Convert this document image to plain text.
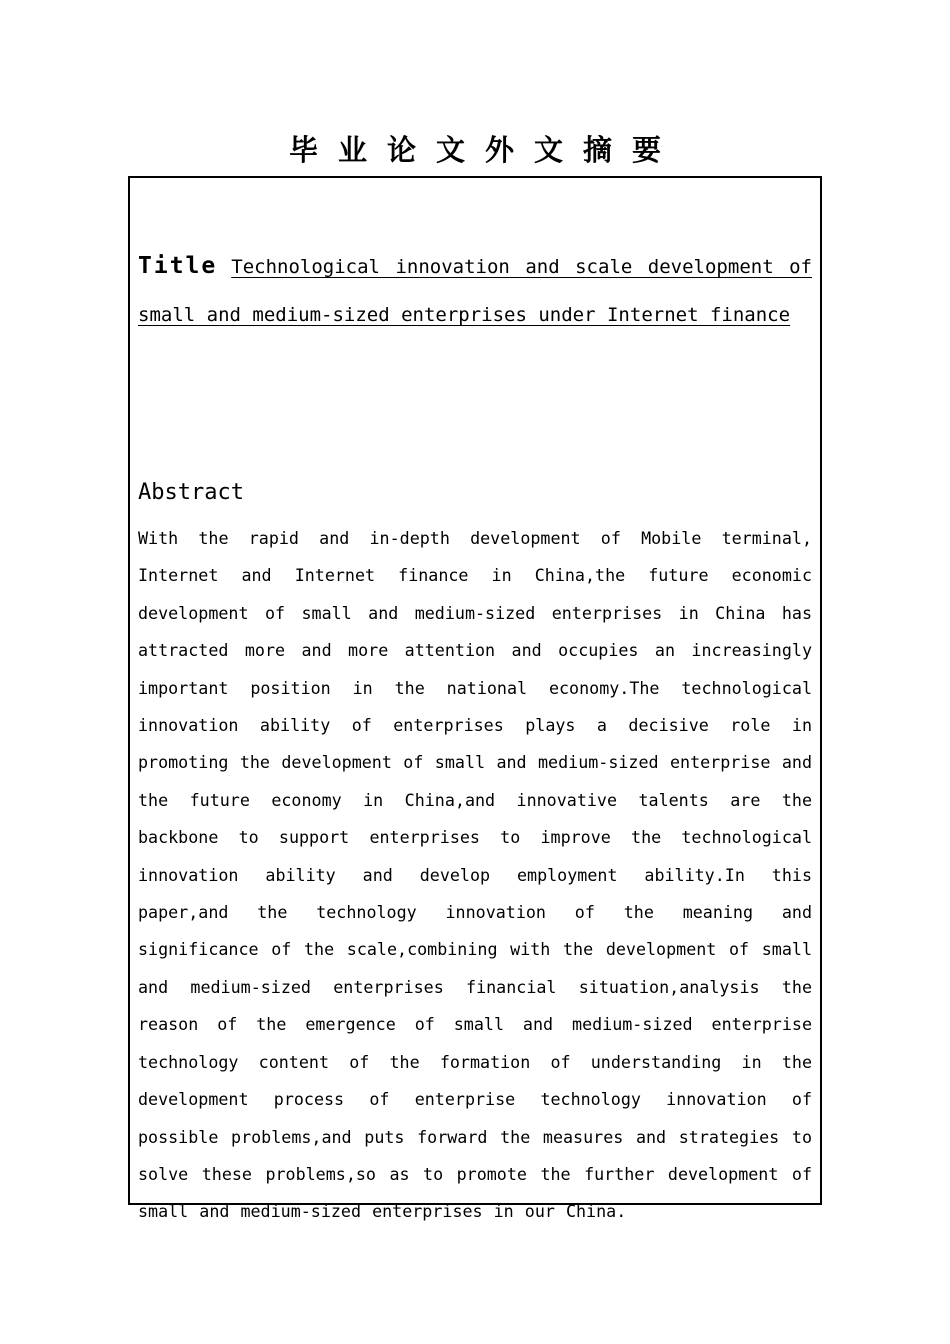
毕业论文外文摘要
Title Technological innovation and scale development of small and medium-sized enterprises under Internet finance
Abstract
With the rapid and in-depth development of Mobile terminal, Internet and Internet finance in China,the future economic development of small and medium-sized enterprises in China has attracted more and more attention and occupies an increasingly important position in the national economy.The technological innovation ability of enterprises plays a decisive role in promoting the development of small and medium-sized enterprise and the future economy in China,and innovative talents are the backbone to support enterprises to improve the technological innovation ability and develop employment ability.In this paper,and the technology innovation of the meaning and significance of the scale,combining with the development of small and medium-sized enterprises financial situation,analysis the reason of the emergence of small and medium-sized enterprise technology content of the formation of understanding in the development process of enterprise technology innovation of possible problems,and puts forward the measures and strategies to solve these problems,so as to promote the further development of small and medium-sized enterprises in our China.
